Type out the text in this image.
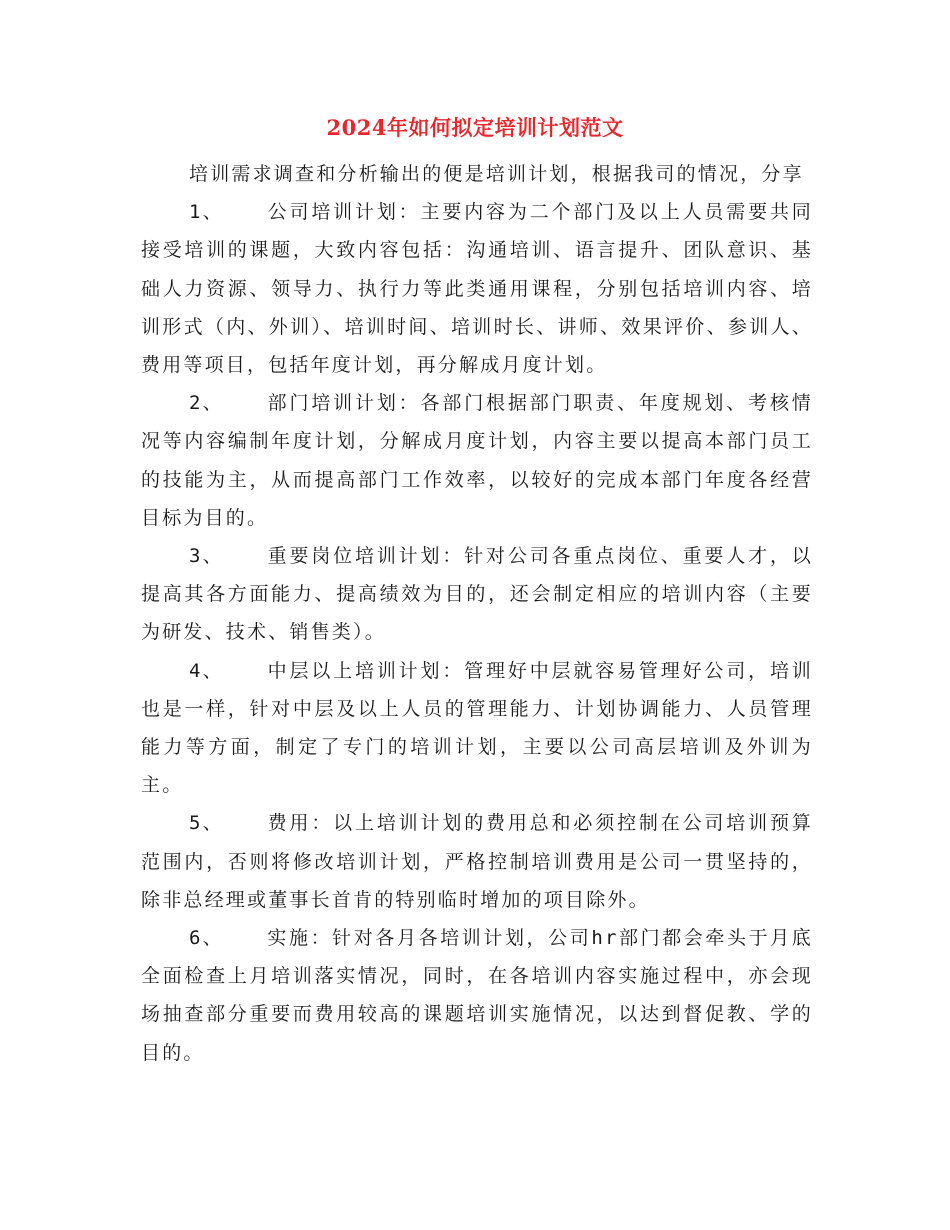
2024年如何拟定培训计划范文

培训需求调查和分析输出的便是培训计划，根据我司的情况，分享

1、 公司培训计划：主要内容为二个部门及以上人员需要共同接受培训的课题，大致内容包括：沟通培训、语言提升、团队意识、基础人力资源、领导力、执行力等此类通用课程，分别包括培训内容、培训形式（内、外训）、培训时间、培训时长、讲师、效果评价、参训人、费用等项目，包括年度计划，再分解成月度计划。

2、 部门培训计划：各部门根据部门职责、年度规划、考核情况等内容编制年度计划，分解成月度计划，内容主要以提高本部门员工的技能为主，从而提高部门工作效率，以较好的完成本部门年度各经营目标为目的。

3、 重要岗位培训计划：针对公司各重点岗位、重要人才，以提高其各方面能力、提高绩效为目的，还会制定相应的培训内容（主要为研发、技术、销售类）。

4、 中层以上培训计划：管理好中层就容易管理好公司，培训也是一样，针对中层及以上人员的管理能力、计划协调能力、人员管理能力等方面，制定了专门的培训计划，主要以公司高层培训及外训为主。

5、 费用：以上培训计划的费用总和必须控制在公司培训预算范围内，否则将修改培训计划，严格控制培训费用是公司一贯坚持的，除非总经理或董事长首肯的特别临时增加的项目除外。

6、 实施：针对各月各培训计划，公司hr部门都会牵头于月底全面检查上月培训落实情况，同时，在各培训内容实施过程中，亦会现场抽查部分重要而费用较高的课题培训实施情况，以达到督促教、学的目的。
